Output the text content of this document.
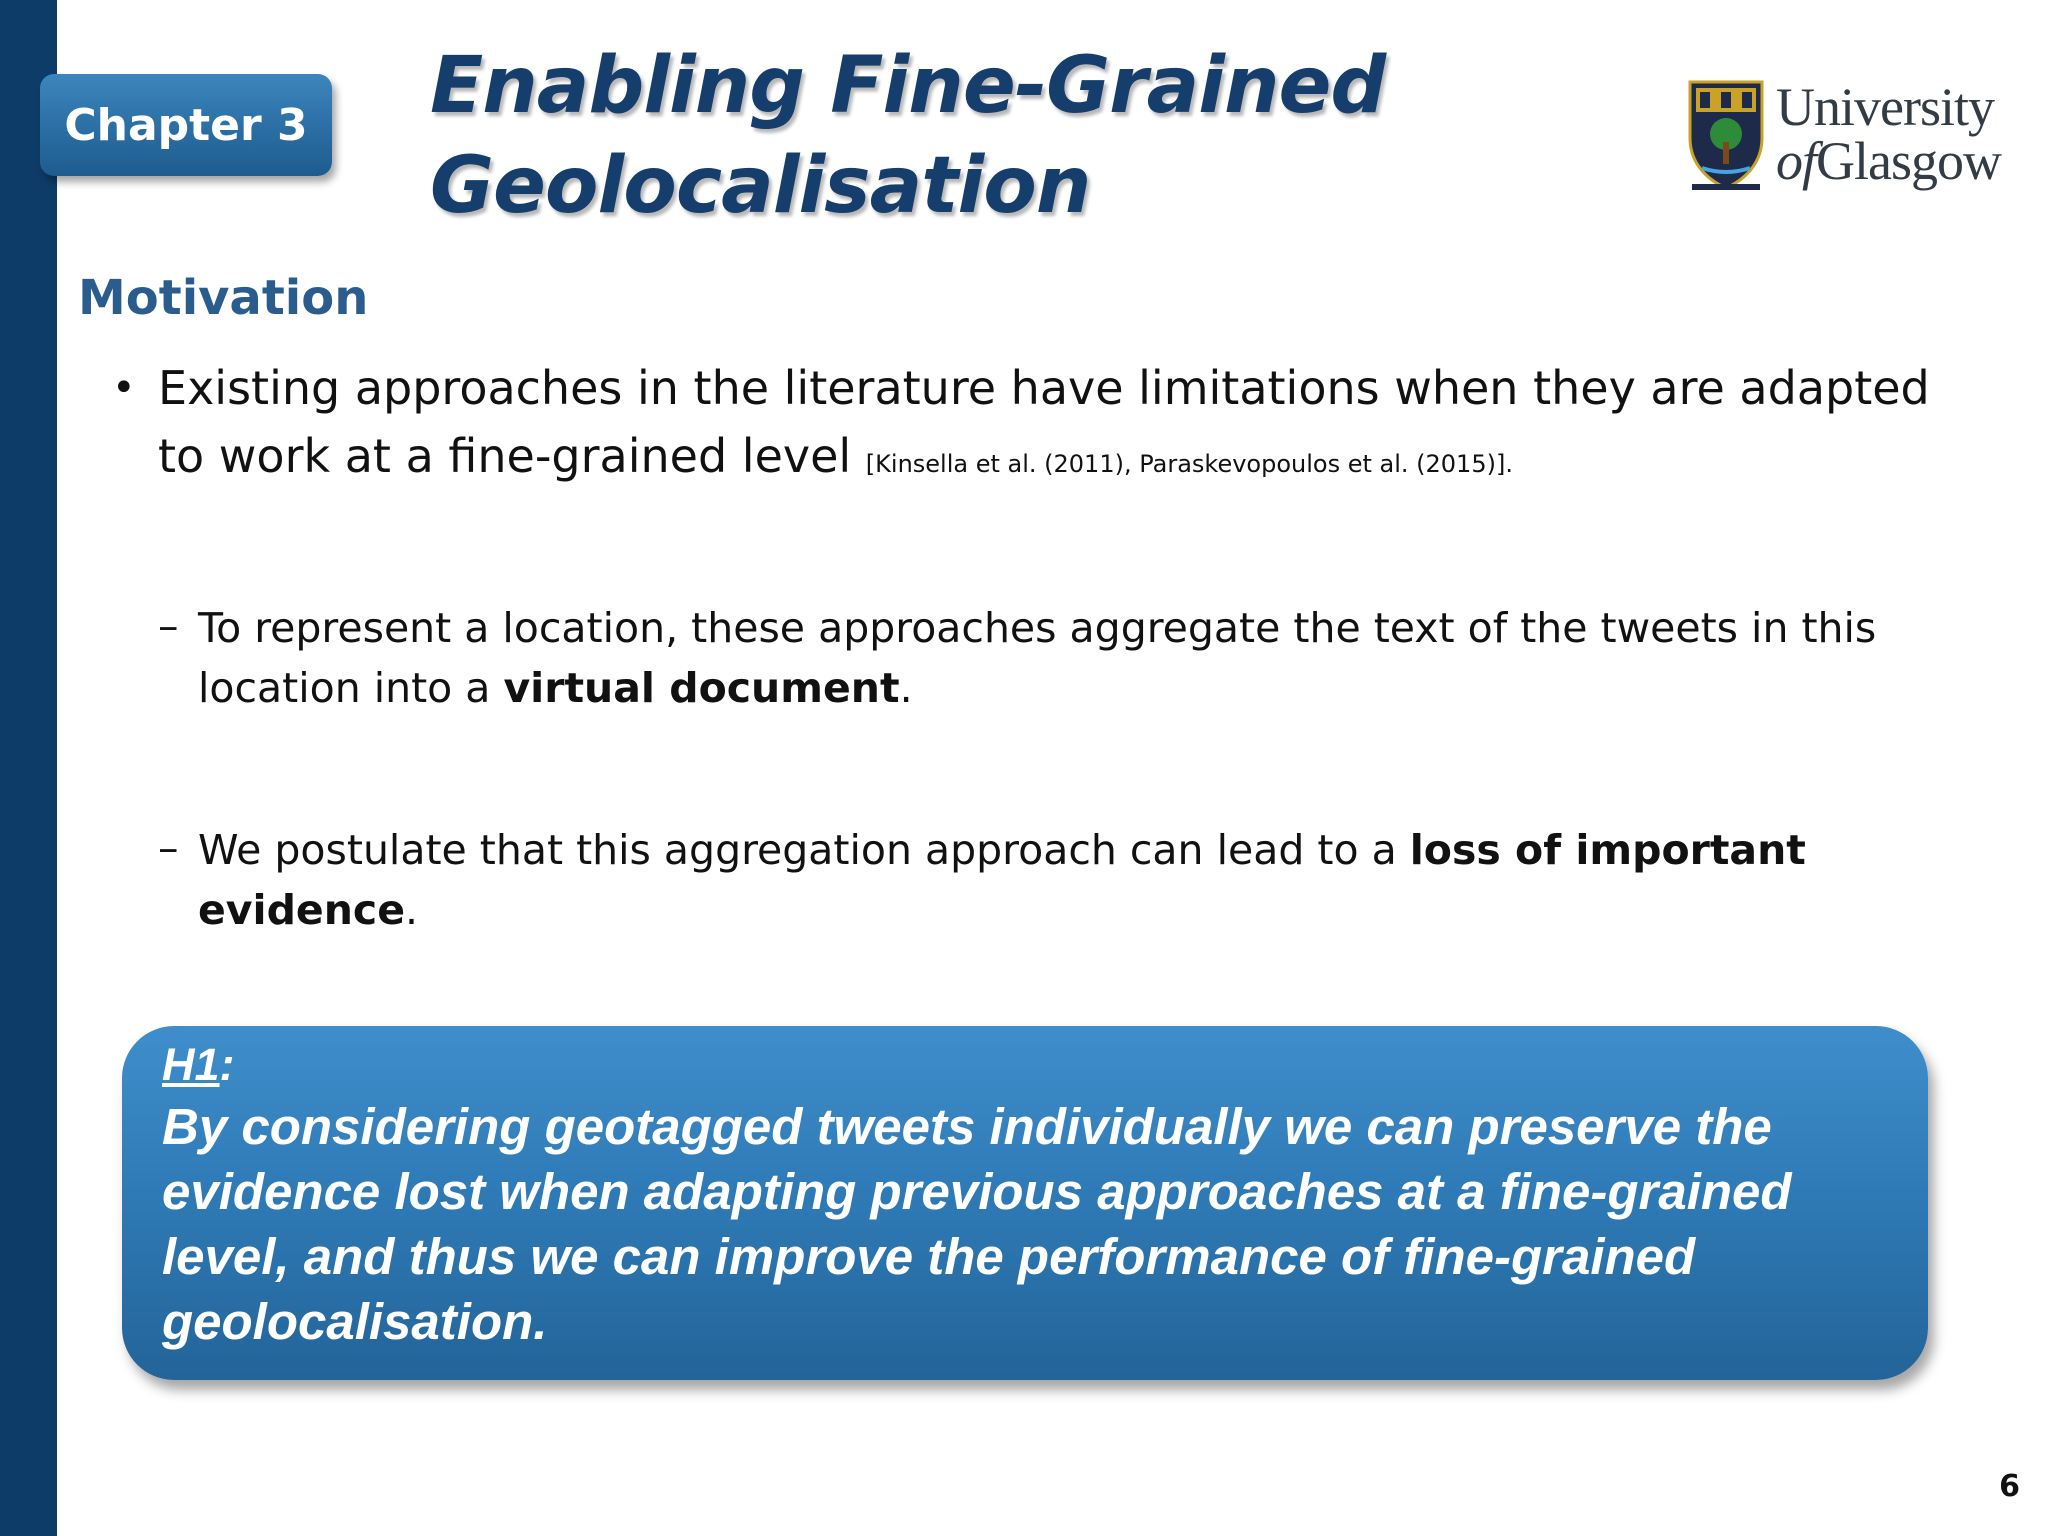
Chapter 3	Enabling Fine-Grained
Geolocalisation
University
ofGlasgow
Motivation
• Existing approaches in the literature have limitations when they are adapted to work at a fine-grained level [Kinsella et al. (2011), Paraskevopoulos et al. (2015)].
– To represent a location, these approaches aggregate the text of the tweets in this location into a virtual document.
– We postulate that this aggregation approach can lead to a loss of important evidence.

H1:

By considering geotagged tweets individually we can preserve the evidence lost when adapting previous approaches at a fine-grained level, and thus we can improve the performance of fine-grained geolocalisation.

6
